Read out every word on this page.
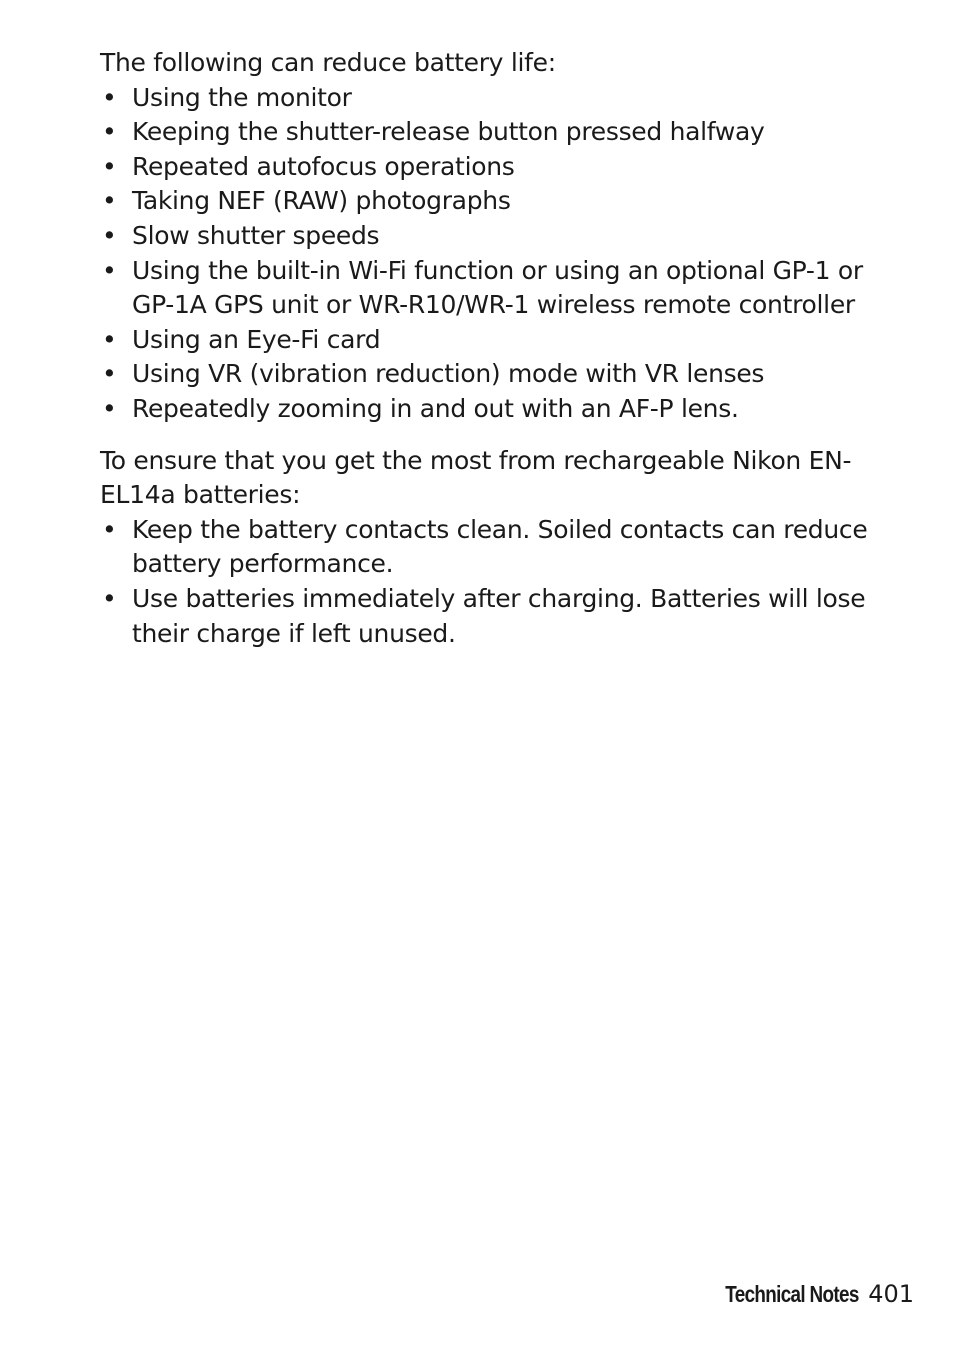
The following can reduce battery life:

• Using the monitor
• Keeping the shutter-release button pressed halfway
• Repeated autofocus operations
• Taking NEF (RAW) photographs
• Slow shutter speeds
• Using the built-in Wi-Fi function or using an optional GP-1 or GP-1A GPS unit or WR-R10/WR-1 wireless remote controller
• Using an Eye-Fi card
• Using VR (vibration reduction) mode with VR lenses
• Repeatedly zooming in and out with an AF-P lens.

To ensure that you get the most from rechargeable Nikon EN-EL14a batteries:

• Keep the battery contacts clean. Soiled contacts can reduce battery performance.
• Use batteries immediately after charging. Batteries will lose their charge if left unused.
Technical Notes 401
